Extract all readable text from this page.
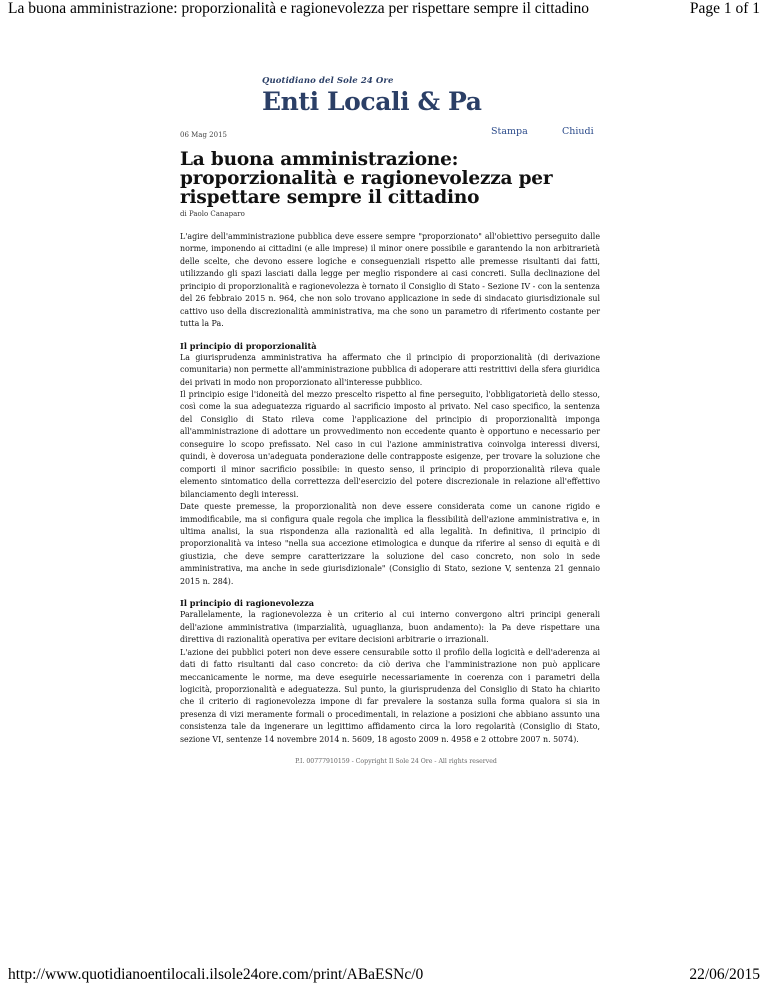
La buona amministrazione: proporzionalità e ragionevolezza per rispettare sempre il cittadino	Page 1 of 1
Quotidiano del Sole 24 Ore
Enti Locali & Pa
06 Mag 2015	Stampa	Chiudi
La buona amministrazione: proporzionalità e ragionevolezza per rispettare sempre il cittadino
di Paolo Canaparo

L'agire dell'amministrazione pubblica deve essere sempre "proporzionato" all'obiettivo perseguito dalle norme, imponendo ai cittadini (e alle imprese) il minor onere possibile e garantendo la non arbitrarietà delle scelte, che devono essere logiche e conseguenziali rispetto alle premesse risultanti dai fatti, utilizzando gli spazi lasciati dalla legge per meglio rispondere ai casi concreti. Sulla declinazione del principio di proporzionalità e ragionevolezza è tornato il Consiglio di Stato - Sezione IV - con la sentenza del 26 febbraio 2015 n. 964, che non solo trovano applicazione in sede di sindacato giurisdizionale sul cattivo uso della discrezionalità amministrativa, ma che sono un parametro di riferimento costante per tutta la Pa.

Il principio di proporzionalità

La giurisprudenza amministrativa ha affermato che il principio di proporzionalità (di derivazione comunitaria) non permette all'amministrazione pubblica di adoperare atti restrittivi della sfera giuridica dei privati in modo non proporzionato all'interesse pubblico.

Il principio esige l'idoneità del mezzo prescelto rispetto al fine perseguito, l'obbligatorietà dello stesso, così come la sua adeguatezza riguardo al sacrificio imposto al privato. Nel caso specifico, la sentenza del Consiglio di Stato rileva come l'applicazione del principio di proporzionalità imponga all'amministrazione di adottare un provvedimento non eccedente quanto è opportuno e necessario per conseguire lo scopo prefissato. Nel caso in cui l'azione amministrativa coinvolga interessi diversi, quindi, è doverosa un'adeguata ponderazione delle contrapposte esigenze, per trovare la soluzione che comporti il minor sacrificio possibile: in questo senso, il principio di proporzionalità rileva quale elemento sintomatico della correttezza dell'esercizio del potere discrezionale in relazione all'effettivo bilanciamento degli interessi.

Date queste premesse, la proporzionalità non deve essere considerata come un canone rigido e immodificabile, ma si configura quale regola che implica la flessibilità dell'azione amministrativa e, in ultima analisi, la sua rispondenza alla razionalità ed alla legalità. In definitiva, il principio di proporzionalità va inteso "nella sua accezione etimologica e dunque da riferire al senso di equità e di giustizia, che deve sempre caratterizzare la soluzione del caso concreto, non solo in sede amministrativa, ma anche in sede giurisdizionale" (Consiglio di Stato, sezione V, sentenza 21 gennaio 2015 n. 284).

Il principio di ragionevolezza

Parallelamente, la ragionevolezza è un criterio al cui interno convergono altri principi generali dell'azione amministrativa (imparzialità, uguaglianza, buon andamento): la Pa deve rispettare una direttiva di razionalità operativa per evitare decisioni arbitrarie o irrazionali.

L'azione dei pubblici poteri non deve essere censurabile sotto il profilo della logicità e dell'aderenza ai dati di fatto risultanti dal caso concreto: da ciò deriva che l'amministrazione non può applicare meccanicamente le norme, ma deve eseguirle necessariamente in coerenza con i parametri della logicità, proporzionalità e adeguatezza. Sul punto, la giurisprudenza del Consiglio di Stato ha chiarito che il criterio di ragionevolezza impone di far prevalere la sostanza sulla forma qualora si sia in presenza di vizi meramente formali o procedimentali, in relazione a posizioni che abbiano assunto una consistenza tale da ingenerare un legittimo affidamento circa la loro regolarità (Consiglio di Stato, sezione VI, sentenze 14 novembre 2014 n. 5609, 18 agosto 2009 n. 4958 e 2 ottobre 2007 n. 5074).

P.I. 00777910159 - Copyright Il Sole 24 Ore - All rights reserved
http://www.quotidianoentilocali.ilsole24ore.com/print/ABaESNc/0	22/06/2015
